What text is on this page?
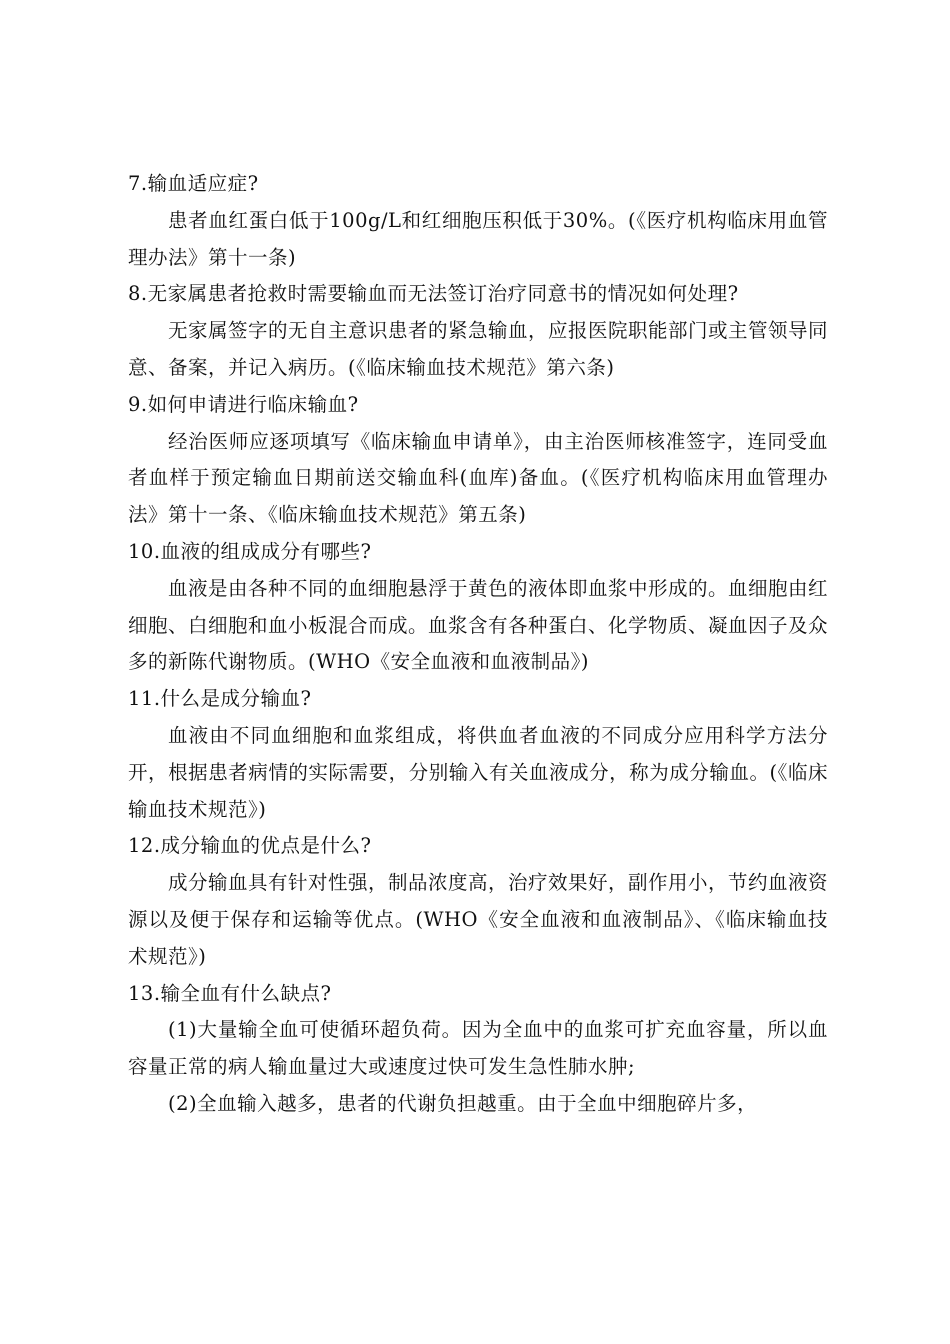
7.输血适应症?

患者血红蛋白低于100g/L和红细胞压积低于30%。(《医疗机构临床用血管理办法》第十一条)

8.无家属患者抢救时需要输血而无法签订治疗同意书的情况如何处理?

无家属签字的无自主意识患者的紧急输血，应报医院职能部门或主管领导同意、备案，并记入病历。(《临床输血技术规范》第六条)

9.如何申请进行临床输血?

经治医师应逐项填写《临床输血申请单》，由主治医师核准签字，连同受血者血样于预定输血日期前送交输血科(血库)备血。(《医疗机构临床用血管理办法》第十一条、《临床输血技术规范》第五条)

10.血液的组成成分有哪些?

血液是由各种不同的血细胞悬浮于黄色的液体即血浆中形成的。血细胞由红细胞、白细胞和血小板混合而成。血浆含有各种蛋白、化学物质、凝血因子及众多的新陈代谢物质。(WHO《安全血液和血液制品》)

11.什么是成分输血?

血液由不同血细胞和血浆组成，将供血者血液的不同成分应用科学方法分开，根据患者病情的实际需要，分别输入有关血液成分，称为成分输血。(《临床输血技术规范》)

12.成分输血的优点是什么?

成分输血具有针对性强，制品浓度高，治疗效果好，副作用小，节约血液资源以及便于保存和运输等优点。(WHO《安全血液和血液制品》、《临床输血技术规范》)

13.输全血有什么缺点?

(1)大量输全血可使循环超负荷。因为全血中的血浆可扩充血容量，所以血容量正常的病人输血量过大或速度过快可发生急性肺水肿;

(2)全血输入越多，患者的代谢负担越重。由于全血中细胞碎片多，
